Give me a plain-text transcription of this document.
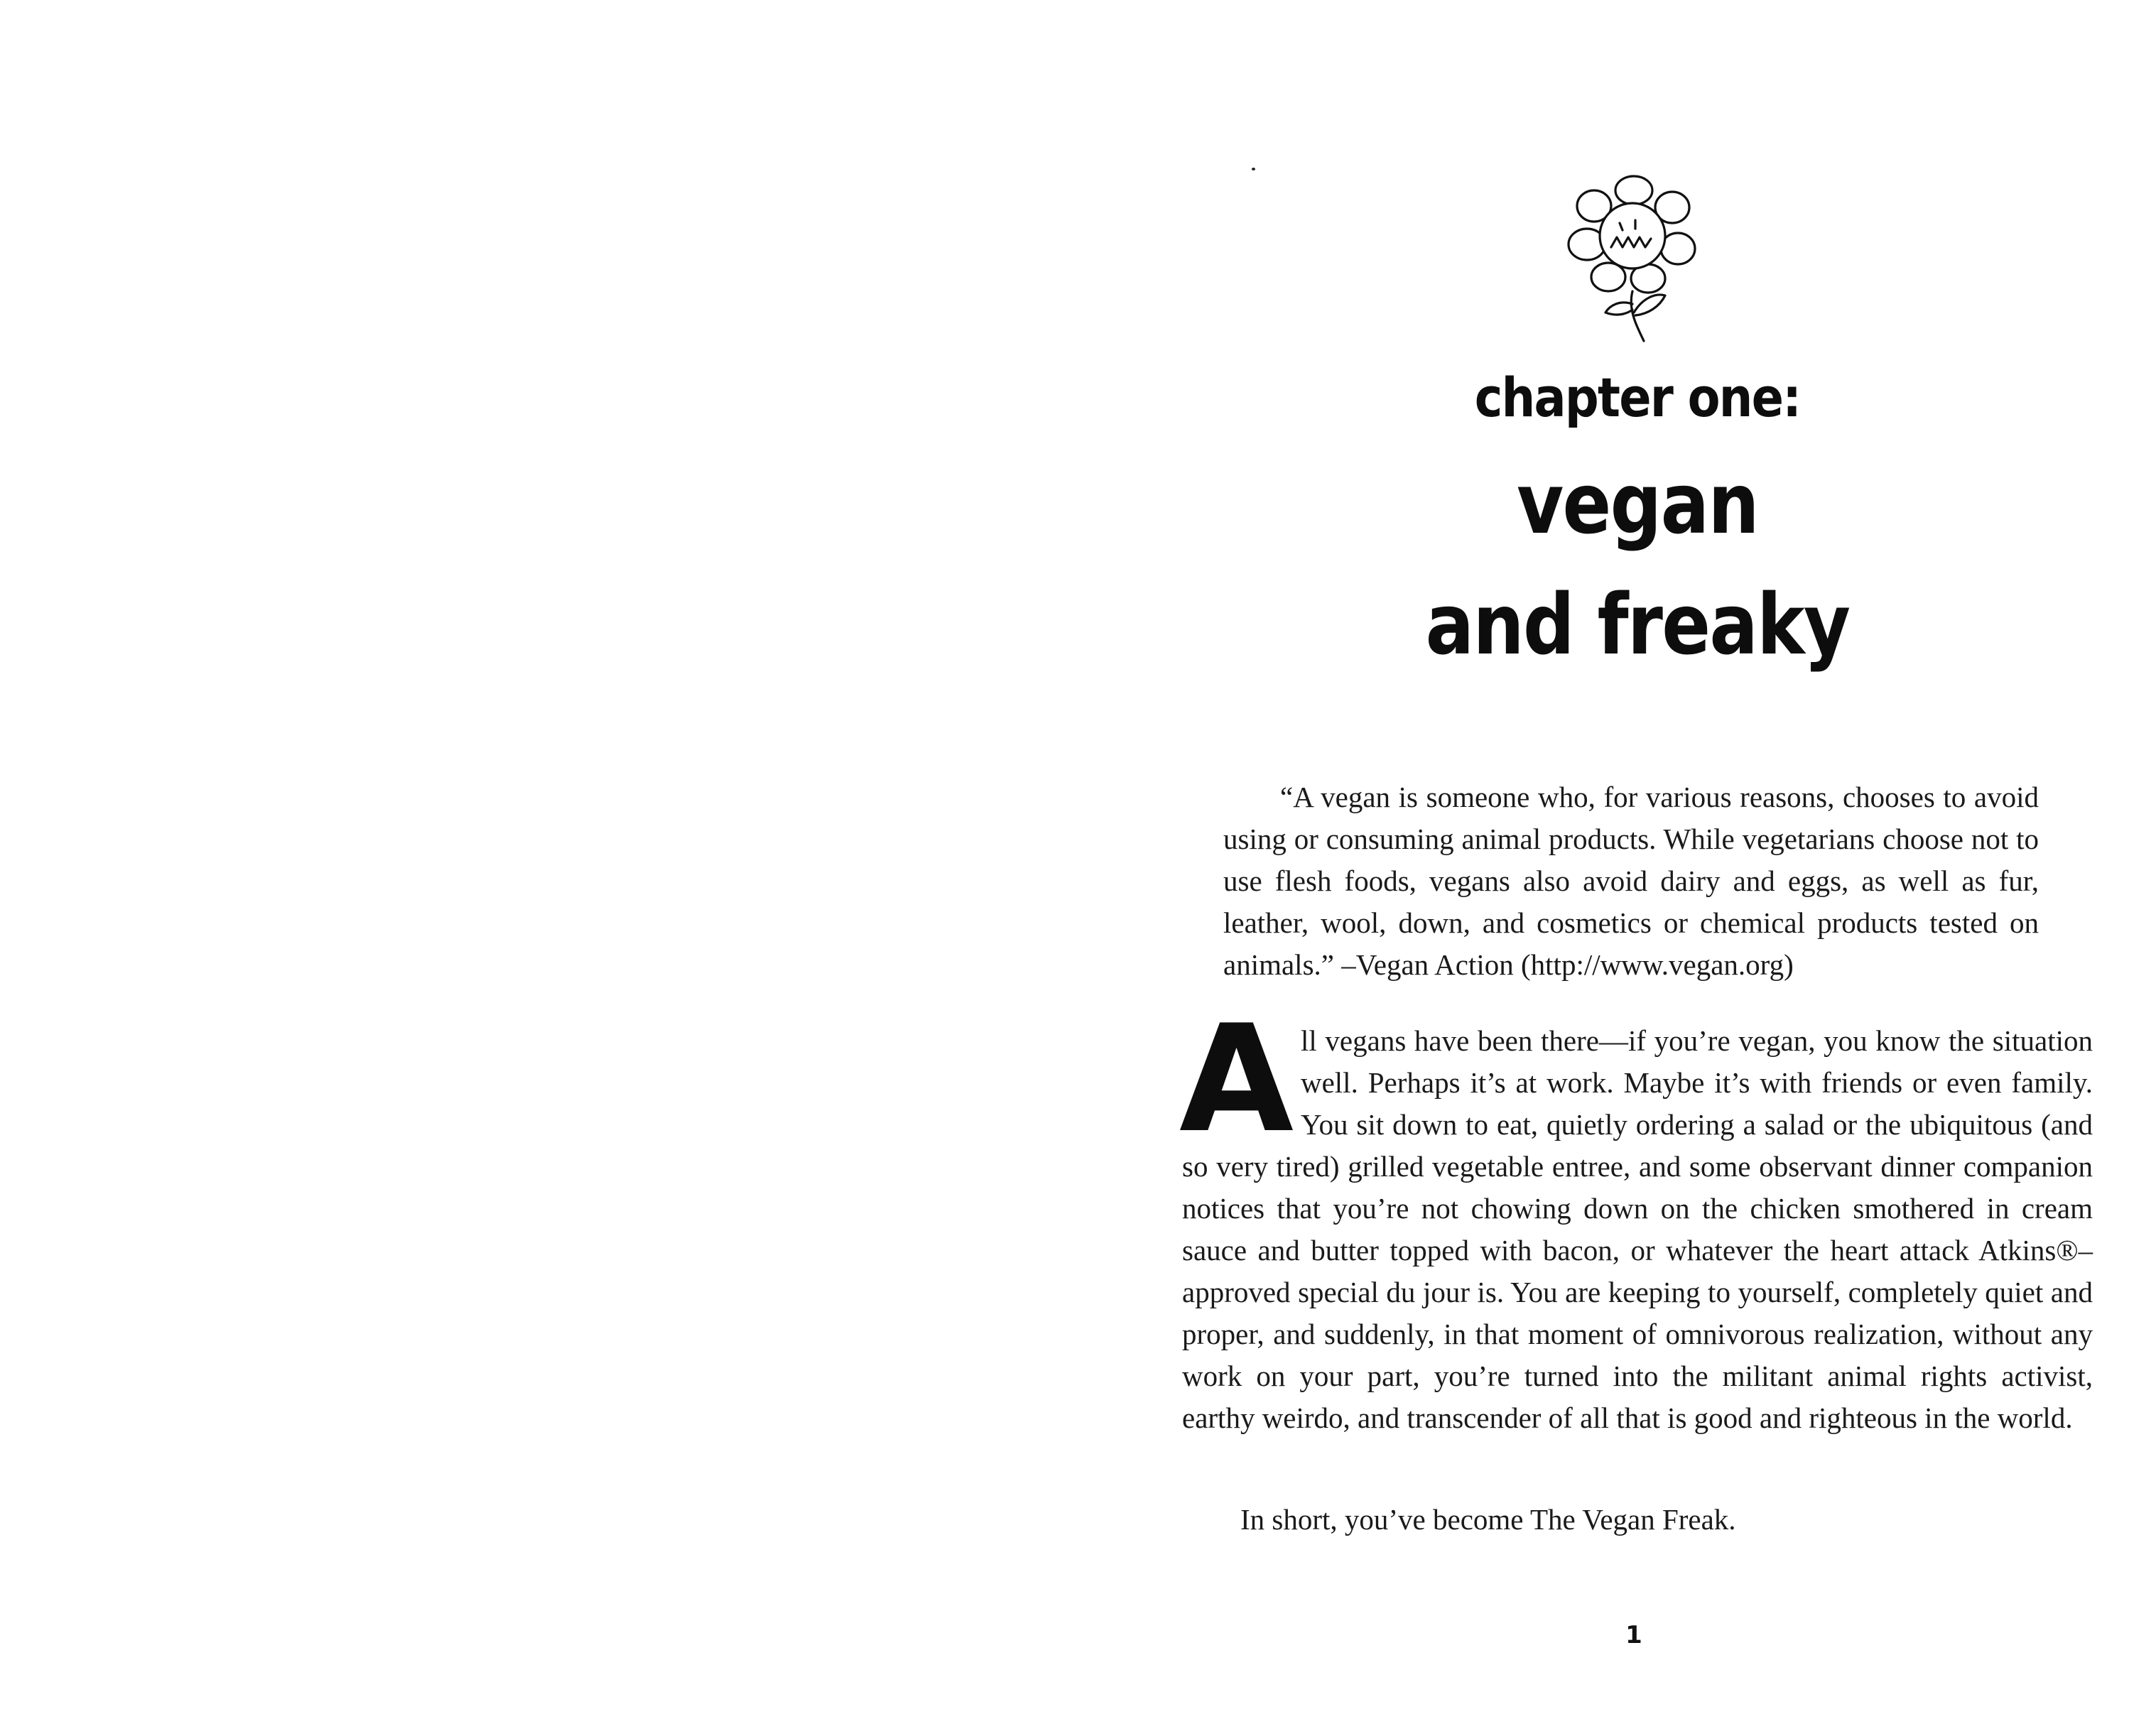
chapter one:
vegan
and freaky

“A vegan is someone who, for various reasons, chooses to avoid using or consuming animal products. While vegetarians choose not to use flesh foods, vegans also avoid dairy and eggs, as well as fur, leather, wool, down, and cosmetics or chemical products tested on animals.” –Vegan Action (http://www.vegan.org)

All vegans have been there—if you’re vegan, you know the situation well. Perhaps it’s at work. Maybe it’s with friends or even family. You sit down to eat, quietly ordering a salad or the ubiquitous (and so very tired) grilled vegetable entree, and some observant dinner companion notices that you’re not chowing down on the chicken smothered in cream sauce and butter topped with bacon, or whatever the heart attack Atkins®–approved special du jour is. You are keeping to yourself, completely quiet and proper, and suddenly, in that moment of omnivorous realization, without any work on your part, you’re turned into the militant animal rights activist, earthy weirdo, and transcender of all that is good and righteous in the world.

In short, you’ve become The Vegan Freak.

1
